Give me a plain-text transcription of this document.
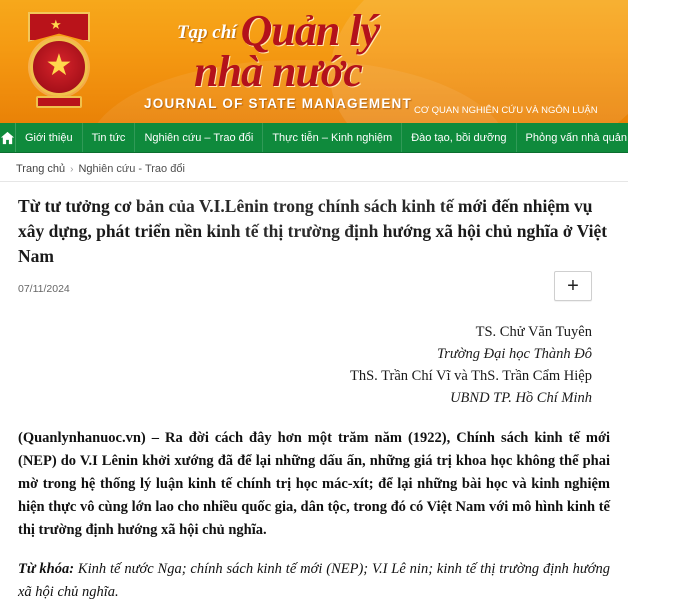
★
★
Tạp chíQuản lý
nhà nước
JOURNAL OF STATE MANAGEMENT CƠ QUAN NGHIÊN CỨU VÀ NGÔN LUẬN
Giới thiệu	Tin tức	Nghiên cứu – Trao đổi	Thực tiễn – Kinh nghiệm	Đào tạo, bồi dưỡng	Phỏng vấn nhà quản lý	Cải c
Trang chủ › Nghiên cứu - Trao đổi
Từ tư tưởng cơ bản của V.I.Lênin trong chính sách kinh tế mới đến nhiệm vụ xây dựng, phát triển nền kinh tế thị trường định hướng xã hội chủ nghĩa ở Việt Nam
07/11/2024	+
TS. Chử Văn Tuyên
Trường Đại học Thành Đô
ThS. Trần Chí Vĩ và ThS. Trần Cẩm Hiệp
UBND TP. Hồ Chí Minh

(Quanlynhanuoc.vn) – Ra đời cách đây hơn một trăm năm (1922), Chính sách kinh tế mới (NEP) do V.I Lênin khởi xướng đã để lại những dấu ấn, những giá trị khoa học không thể phai mờ trong hệ thống lý luận kinh tế chính trị học mác-xít; để lại những bài học và kinh nghiệm hiện thực vô cùng lớn lao cho nhiều quốc gia, dân tộc, trong đó có Việt Nam với mô hình kinh tế thị trường định hướng xã hội chủ nghĩa.

Từ khóa: Kinh tế nước Nga; chính sách kinh tế mới (NEP); V.I Lê nin; kinh tế thị trường định hướng xã hội chủ nghĩa.
